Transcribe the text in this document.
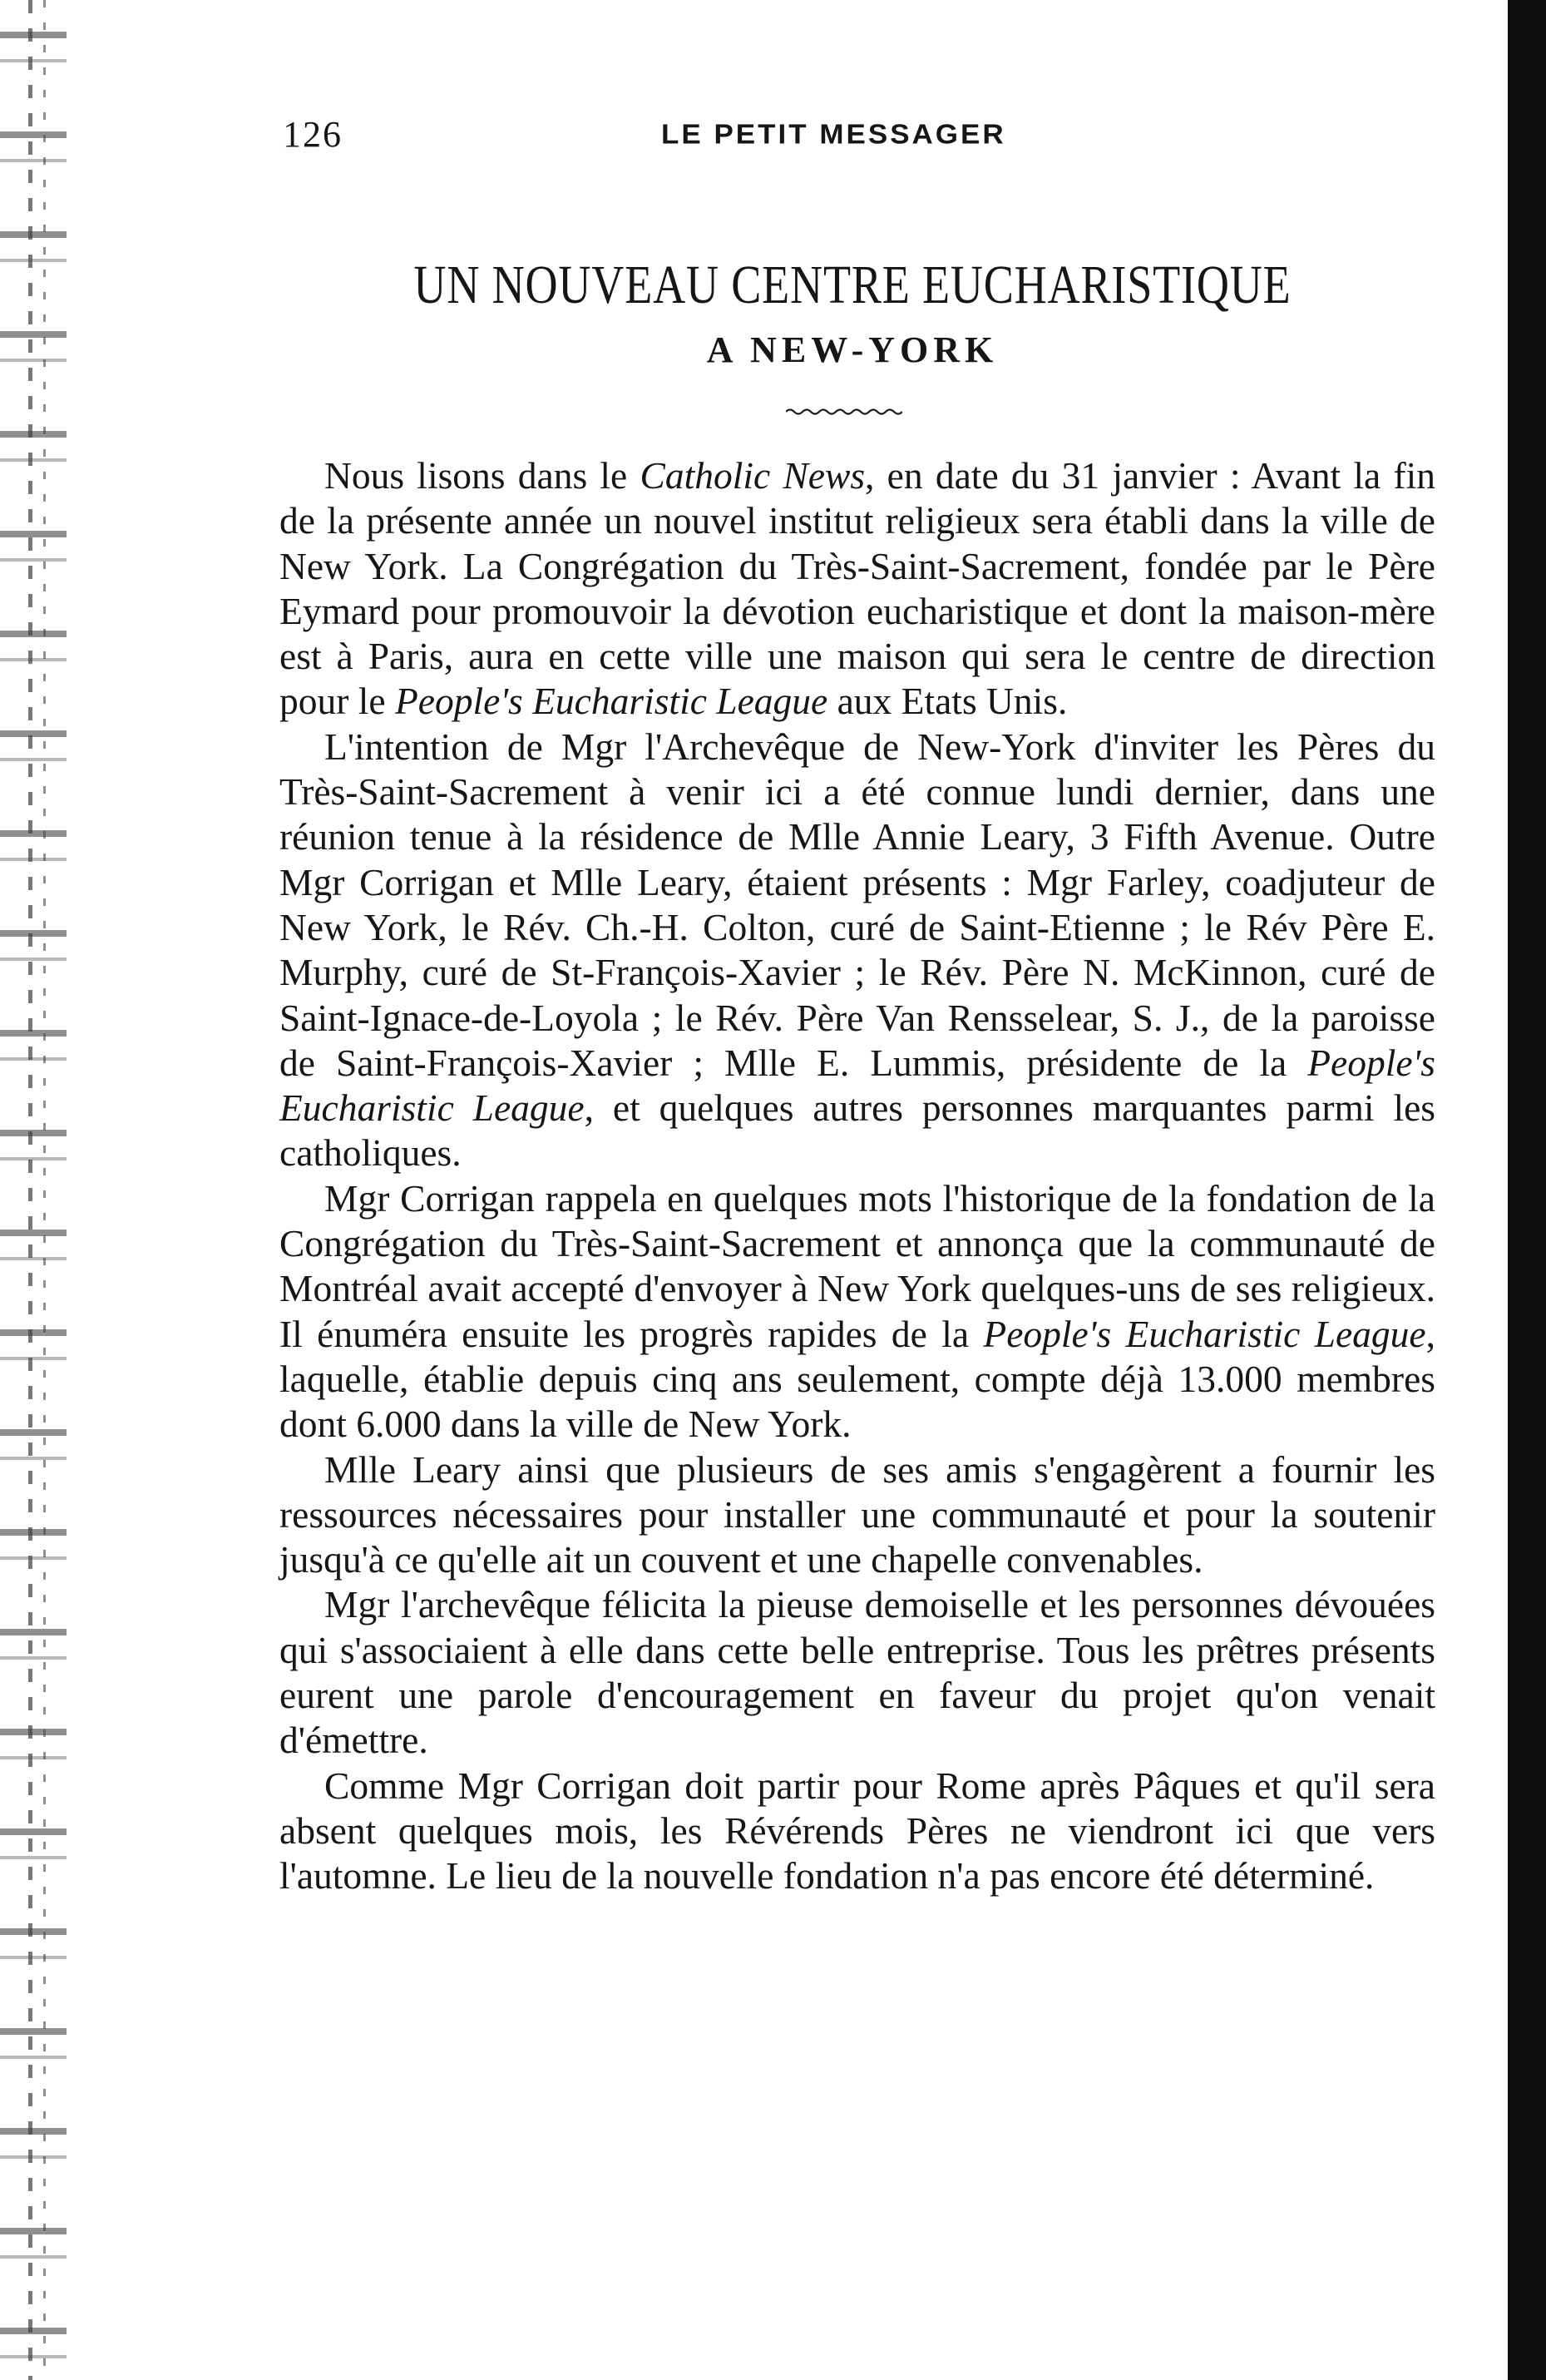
126	LE PETIT MESSAGER
UN NOUVEAU CENTRE EUCHARISTIQUE
A NEW-YORK

Nous lisons dans le Catholic News, en date du 31 janvier : Avant la fin de la présente année un nouvel institut religieux sera établi dans la ville de New York. La Congrégation du Très-Saint-Sacrement, fondée par le Père Eymard pour promouvoir la dévotion eucharistique et dont la maison-mère est à Paris, aura en cette ville une maison qui sera le centre de direction pour le People's Eucharistic League aux Etats Unis.

L'intention de Mgr l'Archevêque de New-York d'inviter les Pères du Très-Saint-Sacrement à venir ici a été connue lundi dernier, dans une réunion tenue à la résidence de Mlle Annie Leary, 3 Fifth Avenue. Outre Mgr Corrigan et Mlle Leary, étaient présents : Mgr Farley, coadjuteur de New York, le Rév. Ch.-H. Colton, curé de Saint-Etienne ; le Rév Père E. Murphy, curé de St-François-Xavier ; le Rév. Père N. McKinnon, curé de Saint-Ignace-de-Loyola ; le Rév. Père Van Rensselear, S. J., de la paroisse de Saint-François-Xavier ; Mlle E. Lummis, présidente de la People's Eucharistic League, et quelques autres personnes marquantes parmi les catholiques.

Mgr Corrigan rappela en quelques mots l'historique de la fondation de la Congrégation du Très-Saint-Sacrement et annonça que la communauté de Montréal avait accepté d'envoyer à New York quelques-uns de ses religieux. Il énuméra ensuite les progrès rapides de la People's Eucharistic League, laquelle, établie depuis cinq ans seulement, compte déjà 13.000 membres dont 6.000 dans la ville de New York.

Mlle Leary ainsi que plusieurs de ses amis s'engagèrent a fournir les ressources nécessaires pour installer une communauté et pour la soutenir jusqu'à ce qu'elle ait un couvent et une chapelle convenables.

Mgr l'archevêque félicita la pieuse demoiselle et les personnes dévouées qui s'associaient à elle dans cette belle entreprise. Tous les prêtres présents eurent une parole d'encouragement en faveur du projet qu'on venait d'émettre.

Comme Mgr Corrigan doit partir pour Rome après Pâques et qu'il sera absent quelques mois, les Révérends Pères ne viendront ici que vers l'automne. Le lieu de la nouvelle fondation n'a pas encore été déterminé.
